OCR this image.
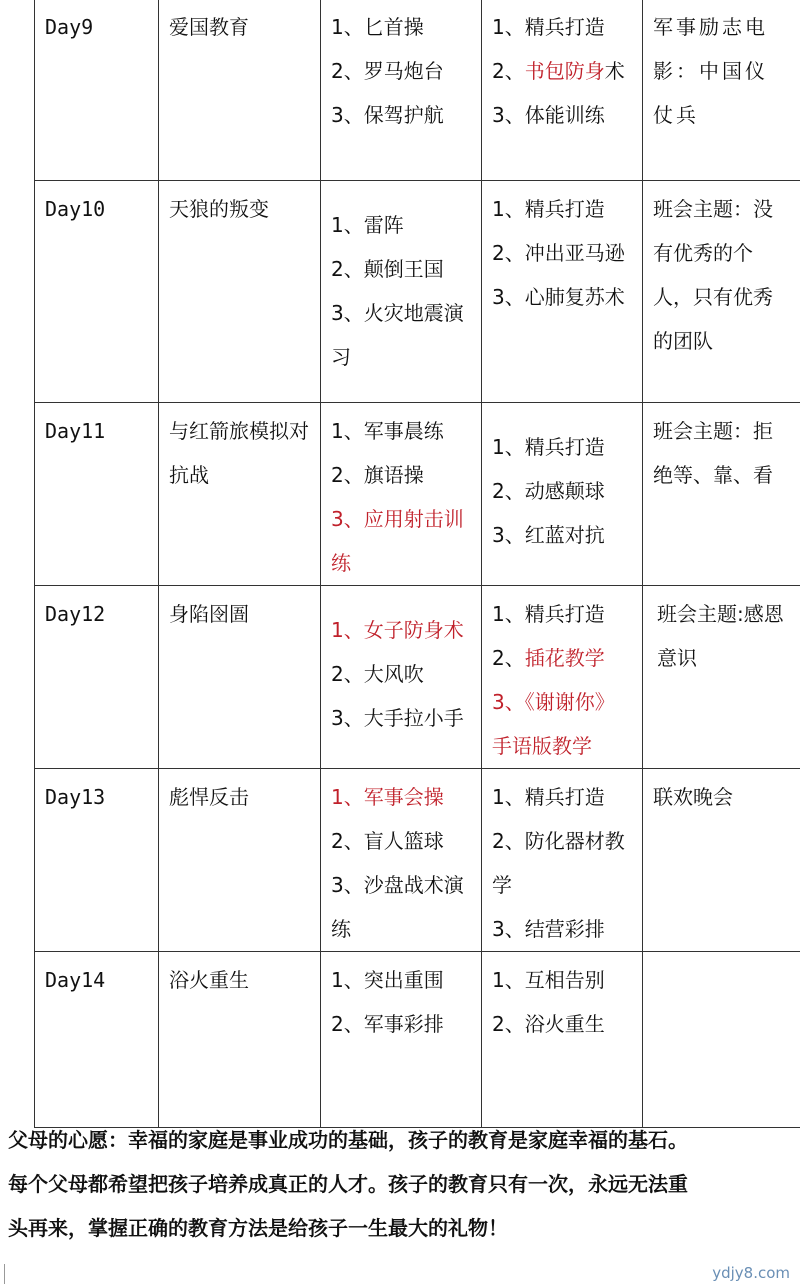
Day9	爱国教育	1、匕首操
2、罗马炮台
3、保驾护航	1、精兵打造
2、书包防身术
3、体能训练	军事励志电影：中国仪仗兵
Day10	天狼的叛变	1、雷阵
2、颠倒王国
3、火灾地震演习	1、精兵打造
2、冲出亚马逊
3、心肺复苏术	班会主题：没有优秀的个人，只有优秀的团队
Day11	与红箭旅模拟对抗战	1、军事晨练
2、旗语操
3、应用射击训练	1、精兵打造
2、动感颠球
3、红蓝对抗	班会主题：拒绝等、靠、看
Day12	身陷囹圄	1、女子防身术
2、大风吹
3、大手拉小手	1、精兵打造
2、插花教学
3、《谢谢你》手语版教学	班会主题:感恩意识
Day13	彪悍反击	1、军事会操
2、盲人篮球
3、沙盘战术演练	1、精兵打造
2、防化器材教学
3、结营彩排	联欢晚会
Day14	浴火重生	1、突出重围
2、军事彩排	1、互相告别
2、浴火重生	

父母的心愿：幸福的家庭是事业成功的基础，孩子的教育是家庭幸福的基石。

每个父母都希望把孩子培养成真正的人才。孩子的教育只有一次，永远无法重

头再来，掌握正确的教育方法是给孩子一生最大的礼物！

ydjy8.com
